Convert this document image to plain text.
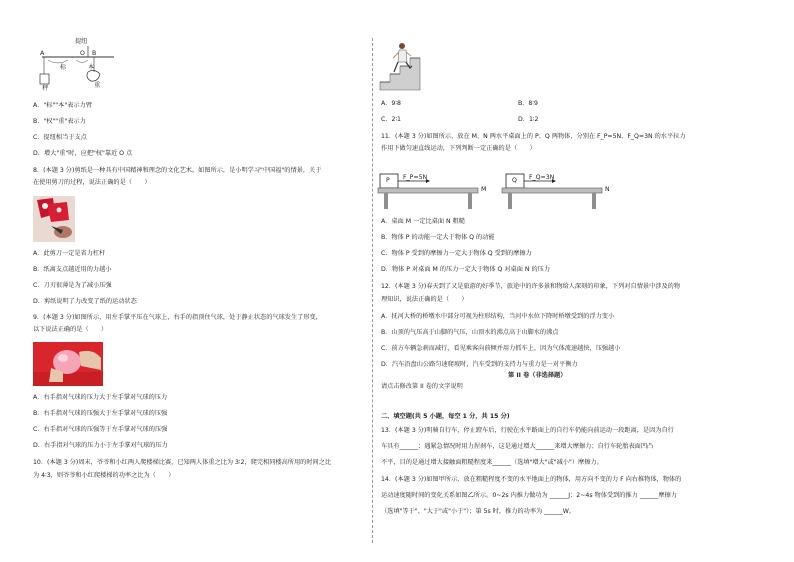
提纽
A	O B
秤
标	本
重
A．"标""本"表示力臂
B．"权""重"表示力
C．提纽相当于支点
D．增大"重"时，应把"权"靠近 O 点
8．(本题 3 分)剪纸是一种具有中国精神和理念的文化艺术。如图所示，是小明学习"中国福"的情景，关于
在使用剪刀的过程，说法正确的是（　　）
A．此剪刀一定是省力杠杆
B．纸离支点越近用的力越小
C．刀刃很薄是为了减小压强
D．剪纸说明了力改变了纸的运动状态
9．(本题 3 分)如图所示，用左手掌平压在气球上，右手的指顶住气球，处于静止状态的气球发生了形变，
以下说法正确的是（　　）
A．右手指对气球的压力大于左手掌对气球的压力
B．右手指对气球的压强大于左手掌对气球的压强
C．右手指对气球的压强等于左手掌对气球的压强
D．右手指对气球的压力小于左手掌对气球的压力
10．(本题 3 分)周末，爷爷和小红两人爬楼梯比赛，已知两人体重之比为 3∶2，爬完相同楼高所用的时间之比
为 4∶3，则爷爷和小红爬楼梯的功率之比为（　　）
A．9∶8	B．8∶9
C．2∶1	D．1∶2
11．(本题 3 分)如图所示，放在 M、N 两水平桌面上的 P、Q 两物体，分别在 F_P=5N、F_Q=3N 的水平拉力
作用下做匀速直线运动，下列判断一定正确的是（　　）
P F_P=5N
M
Q F_Q=3N
N
A．桌面 M 一定比桌面 N 粗糙
B．物体 P 的动能一定大于物体 Q 的动能
C．物体 P 受到的摩擦力一定大于物体 Q 受到的摩擦力
D．物体 P 对桌面 M 的压力一定大于物体 Q 对桌面 N 的压力
12．(本题 3 分)春天到了又是旅游的好季节，旅途中的许多景和物给人深刻的印象，下列对自情景中涉及的物
理知识，说法正确的是（　　）
A．抚河大桥的桥墩水中部分可视为柱形结构，当河中水位下降时桥墩受到的浮力变小
B．山顶的气压高于山脚的气压，山顶水的沸点高于山脚水的沸点
C．前方车辆急刹而减行，看见乘客向前倾并用力抓车上，因为气体流速越快，压强越小
D．汽车沿盘山公路匀速爬坡时，汽车受到的支持力与重力是一对平衡力
第 II 卷（非选择题）
请点击修改第 II 卷的文字说明
二、填空题(共 5 小题，每空 1 分，共 15 分)
13．(本题 3 分)明骑自行车，停止蹬车后，行驶在水平路面上的自行车仍能向前运动一段距离，是因为自行
车具有______；遇紧急情况时用力捏刹车，这是通过增大______来增大摩擦力；自行车轮胎表面凹凸
不平，目的是通过增大接触面粗糙程度来______（选填"增大"或"减小"）摩擦力。
14．(本题 3 分)如图甲所示，放在粗糙程度不变的水平地面上的物体，用方向不变的力 F 向右推物体，物体的
运动速度随时间的变化关系如图乙所示。0~2s 内推力做功为 ______J；2~4s 物体受到的推力 ______摩擦力
（选填"等于"、"大于"或"小于"）；第 5s 时，推力的功率为 ______W。
